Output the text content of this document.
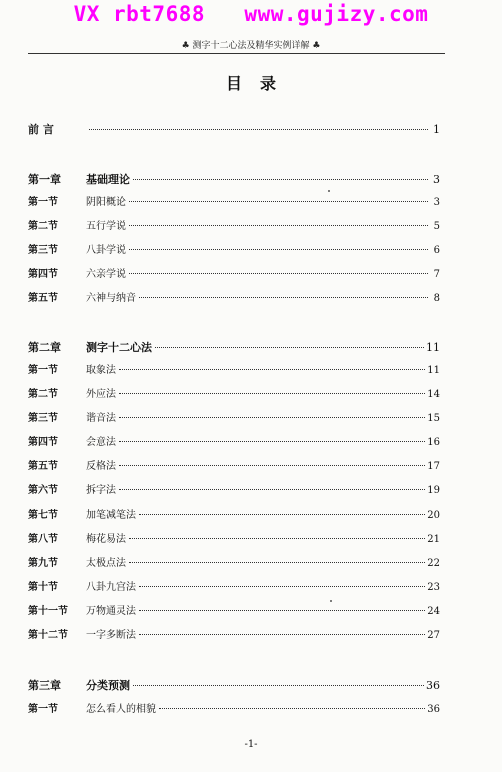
VX rbt7688   www.gujizy.com
♣ 测字十二心法及精华实例详解 ♣
目录
前 言	1
第一章	基础理论	3
第一节	阴阳概论	3
第二节	五行学说	5
第三节	八卦学说	6
第四节	六亲学说	7
第五节	六神与纳音	8
第二章	测字十二心法	11
第一节	取象法	11
第二节	外应法	14
第三节	谐音法	15
第四节	会意法	16
第五节	反格法	17
第六节	拆字法	19
第七节	加笔减笔法	20
第八节	梅花易法	21
第九节	太极点法	22
第十节	八卦九宫法	23
第十一节	万物通灵法	24
第十二节	一字多断法	27
第三章	分类预测	36
第一节	怎么看人的相貌	36
-1-
